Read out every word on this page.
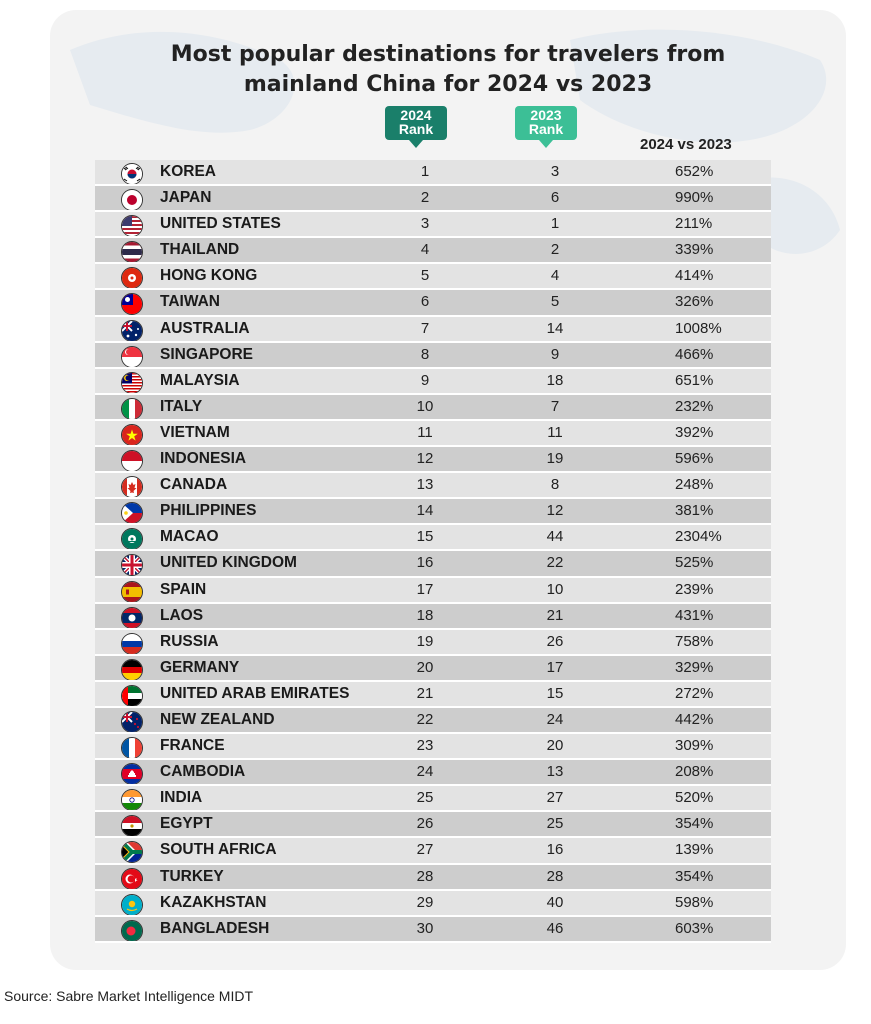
Most popular destinations for travelers from
mainland China for 2024 vs 2023
2024
Rank
2023
Rank
2024 vs 2023
KOREA	1	3	652%
JAPAN	2	6	990%
UNITED STATES	3	1	211%
THAILAND	4	2	339%
HONG KONG	5	4	414%
TAIWAN	6	5	326%
AUSTRALIA	7	14	1008%
SINGAPORE	8	9	466%
MALAYSIA	9	18	651%
ITALY	10	7	232%
VIETNAM	11	11	392%
INDONESIA	12	19	596%
CANADA	13	8	248%
PHILIPPINES	14	12	381%
MACAO	15	44	2304%
UNITED KINGDOM	16	22	525%
SPAIN	17	10	239%
LAOS	18	21	431%
RUSSIA	19	26	758%
GERMANY	20	17	329%
UNITED ARAB EMIRATES	21	15	272%
NEW ZEALAND	22	24	442%
FRANCE	23	20	309%
CAMBODIA	24	13	208%
INDIA	25	27	520%
EGYPT	26	25	354%
SOUTH AFRICA	27	16	139%
TURKEY	28	28	354%
KAZAKHSTAN	29	40	598%
BANGLADESH	30	46	603%
Source: Sabre Market Intelligence MIDT
